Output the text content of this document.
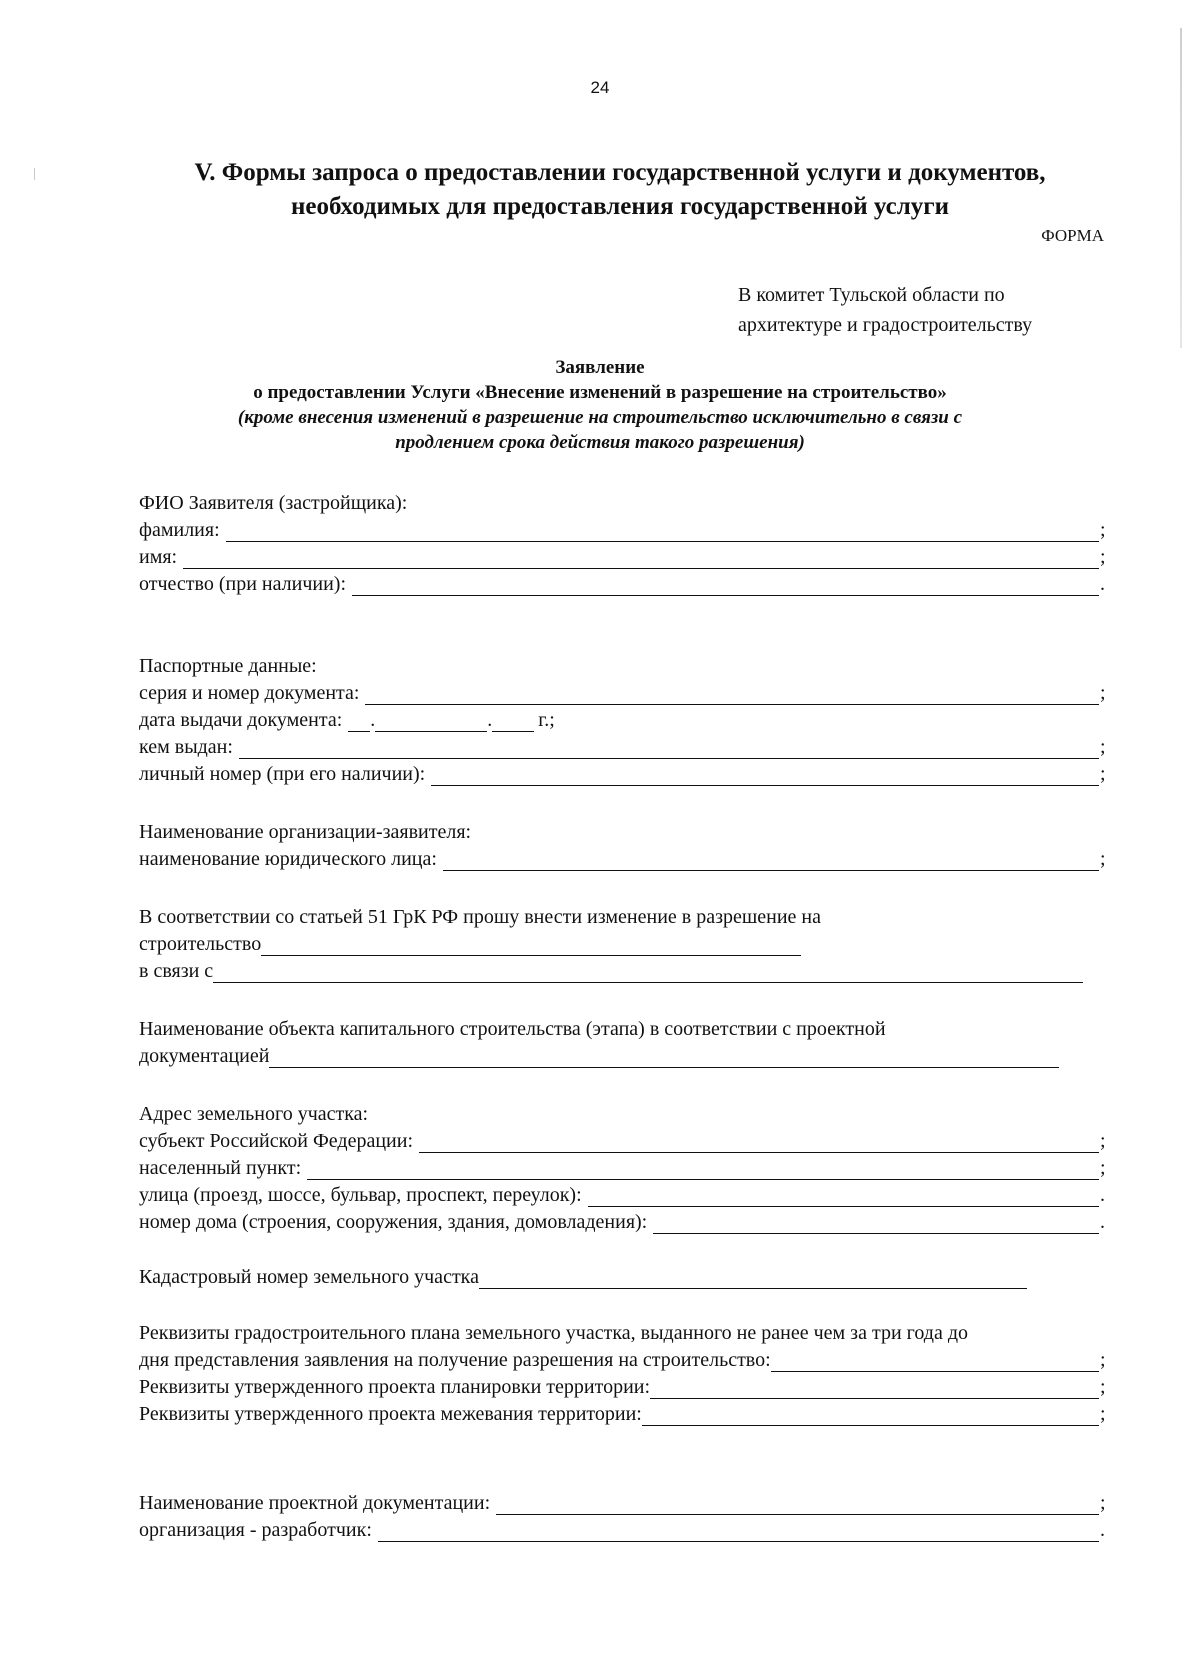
24
V. Формы запроса о предоставлении государственной услуги и документов,
необходимых для предоставления государственной услуги
ФОРМА
В комитет Тульской области по
архитектуре и градостроительству
Заявление
о предоставлении Услуги «Внесение изменений в разрешение на строительство»
(кроме внесения изменений в разрешение на строительство исключительно в связи с
продлением срока действия такого разрешения)
ФИО Заявителя (застройщика):
фамилия:	;
имя:	;
отчество (при наличии):	.
Паспортные данные:
серия и номер документа:	;
дата выдачи документа: .	. г.;
кем выдан:	;
личный номер (при его наличии):	;
Наименование организации-заявителя:
наименование юридического лица:	;
В соответствии со статьей 51 ГрК РФ прошу внести изменение в разрешение на
строительство
в связи с
Наименование объекта капитального строительства (этапа) в соответствии с проектной
документацией
Адрес земельного участка:
субъект Российской Федерации:	;
населенный пункт:	;
улица (проезд, шоссе, бульвар, проспект, переулок):	.
номер дома (строения, сооружения, здания, домовладения):	.
Кадастровый номер земельного участка
Реквизиты градостроительного плана земельного участка, выданного не ранее чем за три года до
дня представления заявления на получение разрешения на строительство:	;
Реквизиты утвержденного проекта планировки территории:	;
Реквизиты утвержденного проекта межевания территории:	;
Наименование проектной документации:	;
организация - разработчик:	.
